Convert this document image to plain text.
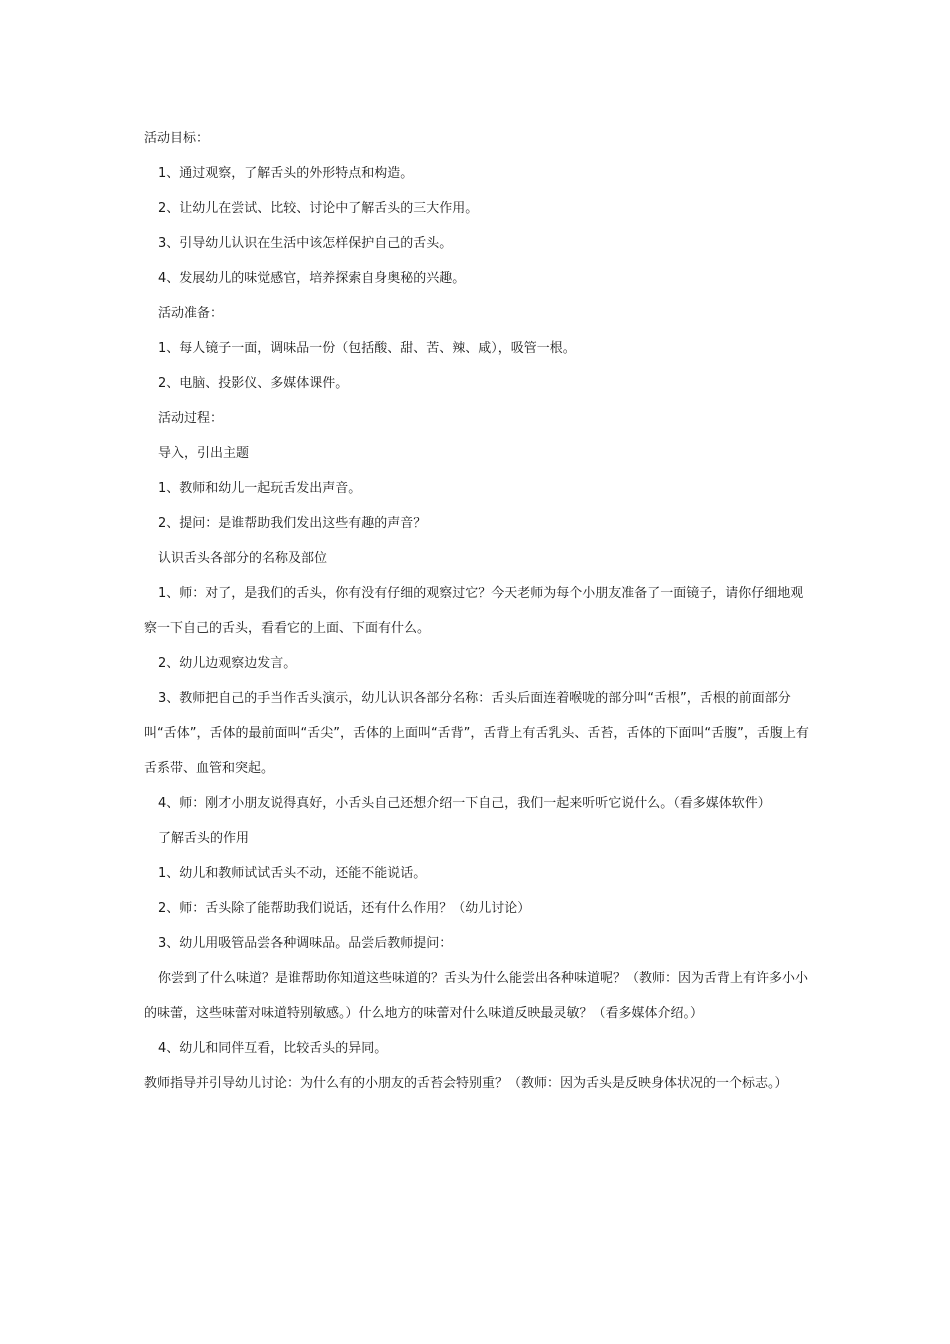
活动目标：

1、通过观察，了解舌头的外形特点和构造。

2、让幼儿在尝试、比较、讨论中了解舌头的三大作用。

3、引导幼儿认识在生活中该怎样保护自己的舌头。

4、发展幼儿的味觉感官，培养探索自身奥秘的兴趣。

活动准备：

1、每人镜子一面，调味品一份（包括酸、甜、苦、辣、咸），吸管一根。

2、电脑、投影仪、多媒体课件。

活动过程：

导入，引出主题

1、教师和幼儿一起玩舌发出声音。

2、提问：是谁帮助我们发出这些有趣的声音？

认识舌头各部分的名称及部位

1、师：对了，是我们的舌头，你有没有仔细的观察过它？今天老师为每个小朋友准备了一面镜子，请你仔细地观察一下自己的舌头，看看它的上面、下面有什么。

2、幼儿边观察边发言。

3、教师把自己的手当作舌头演示，幼儿认识各部分名称：舌头后面连着喉咙的部分叫“舌根”，舌根的前面部分叫“舌体”，舌体的最前面叫“舌尖”，舌体的上面叫“舌背”，舌背上有舌乳头、舌苔，舌体的下面叫“舌腹”，舌腹上有舌系带、血管和突起。

4、师：刚才小朋友说得真好，小舌头自己还想介绍一下自己，我们一起来听听它说什么。（看多媒体软件）

了解舌头的作用

1、幼儿和教师试试舌头不动，还能不能说话。

2、师：舌头除了能帮助我们说话，还有什么作用？（幼儿讨论）

3、幼儿用吸管品尝各种调味品。品尝后教师提问：

你尝到了什么味道？是谁帮助你知道这些味道的？舌头为什么能尝出各种味道呢？（教师：因为舌背上有许多小小的味蕾，这些味蕾对味道特别敏感。）什么地方的味蕾对什么味道反映最灵敏？（看多媒体介绍。）

4、幼儿和同伴互看，比较舌头的异同。

教师指导并引导幼儿讨论：为什么有的小朋友的舌苔会特别重？（教师：因为舌头是反映身体状况的一个标志。）
